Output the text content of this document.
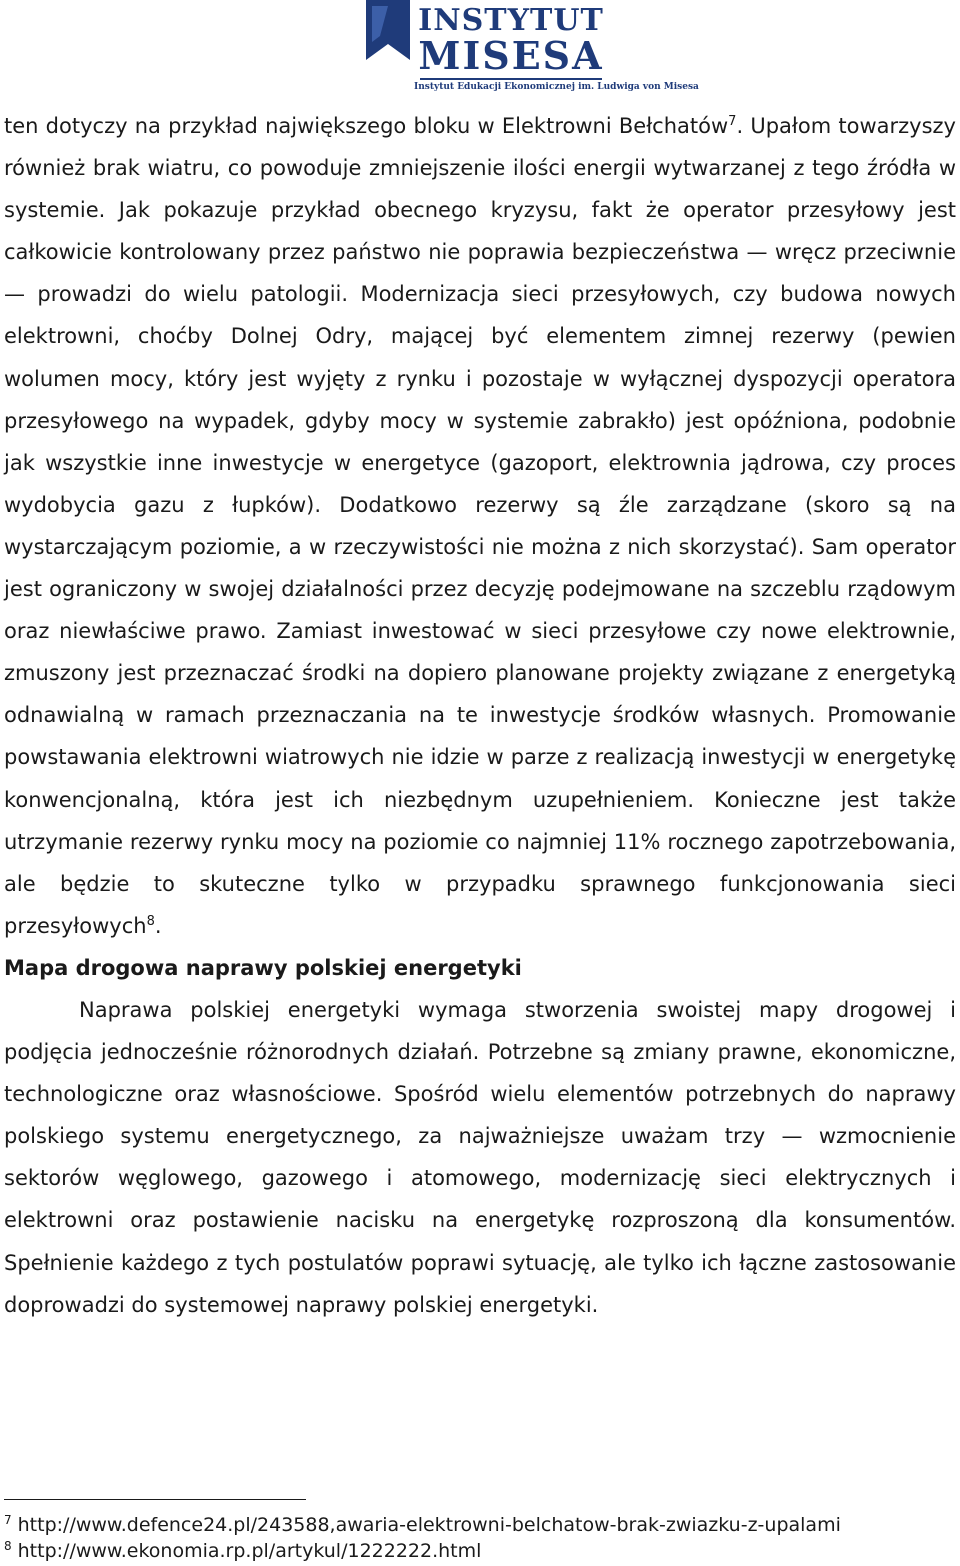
INSTYTUT
MISESA
Instytut Edukacji Ekonomicznej im. Ludwiga von Misesa

ten dotyczy na przykład największego bloku w Elektrowni Bełchatów$^7$. Upałom towarzyszy również brak wiatru, co powoduje zmniejszenie ilości energii wytwarzanej z tego źródła w systemie. Jak pokazuje przykład obecnego kryzysu, fakt że operator przesyłowy jest całkowicie kontrolowany przez państwo nie poprawia bezpieczeństwa — wręcz przeciwnie — prowadzi do wielu patologii. Modernizacja sieci przesyłowych, czy budowa nowych elektrowni, choćby Dolnej Odry, mającej być elementem zimnej rezerwy (pewien wolumen mocy, który jest wyjęty z rynku i pozostaje w wyłącznej dyspozycji operatora przesyłowego na wypadek, gdyby mocy w systemie zabrakło) jest opóźniona, podobnie jak wszystkie inne inwestycje w energetyce (gazoport, elektrownia jądrowa, czy proces wydobycia gazu z łupków). Dodatkowo rezerwy są źle zarządzane (skoro są na wystarczającym poziomie, a w rzeczywistości nie można z nich skorzystać). Sam operator jest ograniczony w swojej działalności przez decyzję podejmowane na szczeblu rządowym oraz niewłaściwe prawo. Zamiast inwestować w sieci przesyłowe czy nowe elektrownie, zmuszony jest przeznaczać środki na dopiero planowane projekty związane z energetyką odnawialną w ramach przeznaczania na te inwestycje środków własnych. Promowanie powstawania elektrowni wiatrowych nie idzie w parze z realizacją inwestycji w energetykę konwencjonalną, która jest ich niezbędnym uzupełnieniem. Konieczne jest także utrzymanie rezerwy rynku mocy na poziomie co najmniej 11% rocznego zapotrzebowania, ale będzie to skuteczne tylko w przypadku sprawnego funkcjonowania sieci przesyłowych$^8$.

Mapa drogowa naprawy polskiej energetyki

Naprawa polskiej energetyki wymaga stworzenia swoistej mapy drogowej i podjęcia jednocześnie różnorodnych działań. Potrzebne są zmiany prawne, ekonomiczne, technologiczne oraz własnościowe. Spośród wielu elementów potrzebnych do naprawy polskiego systemu energetycznego, za najważniejsze uważam trzy — wzmocnienie sektorów węglowego, gazowego i atomowego, modernizację sieci elektrycznych i elektrowni oraz postawienie nacisku na energetykę rozproszoną dla konsumentów. Spełnienie każdego z tych postulatów poprawi sytuację, ale tylko ich łączne zastosowanie doprowadzi do systemowej naprawy polskiej energetyki.

$^7$ http://www.defence24.pl/243588,awaria-elektrowni-belchatow-brak-zwiazku-z-upalami

$^8$ http://www.ekonomia.rp.pl/artykul/1222222.html
